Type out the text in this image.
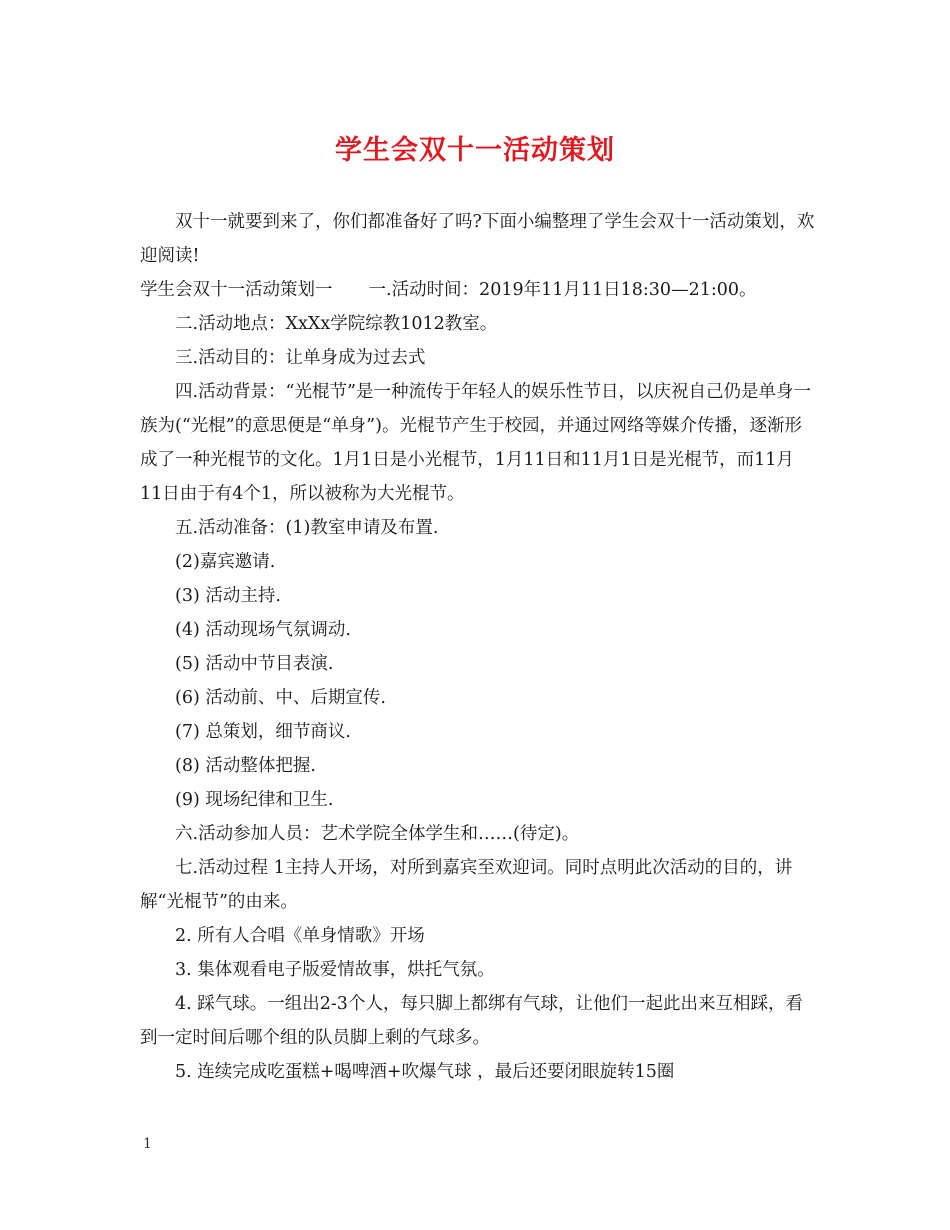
学生会双十一活动策划

双十一就要到来了，你们都准备好了吗?下面小编整理了学生会双十一活动策划，欢迎阅读!

学生会双十一活动策划一 一.活动时间：2019年11月11日18:30—21:00。

二.活动地点：XxXx学院综教1012教室。

三.活动目的：让单身成为过去式

四.活动背景：“光棍节”是一种流传于年轻人的娱乐性节日，以庆祝自己仍是单身一族为(“光棍”的意思便是“单身”)。光棍节产生于校园，并通过网络等媒介传播，逐渐形成了一种光棍节的文化。1月1日是小光棍节，1月11日和11月1日是光棍节，而11月11日由于有4个1，所以被称为大光棍节。

五.活动准备：(1)教室申请及布置.

(2)嘉宾邀请.

(3) 活动主持.

(4) 活动现场气氛调动.

(5) 活动中节目表演.

(6) 活动前、中、后期宣传.

(7) 总策划，细节商议.

(8) 活动整体把握.

(9) 现场纪律和卫生.

六.活动参加人员：艺术学院全体学生和……(待定)。

七.活动过程 1主持人开场，对所到嘉宾至欢迎词。同时点明此次活动的目的，讲解“光棍节”的由来。

2. 所有人合唱《单身情歌》开场

3. 集体观看电子版爱情故事，烘托气氛。

4. 踩气球。一组出2-3个人，每只脚上都绑有气球，让他们一起此出来互相踩，看到一定时间后哪个组的队员脚上剩的气球多。

5. 连续完成吃蛋糕+喝啤酒+吹爆气球 ，最后还要闭眼旋转15圈

1
